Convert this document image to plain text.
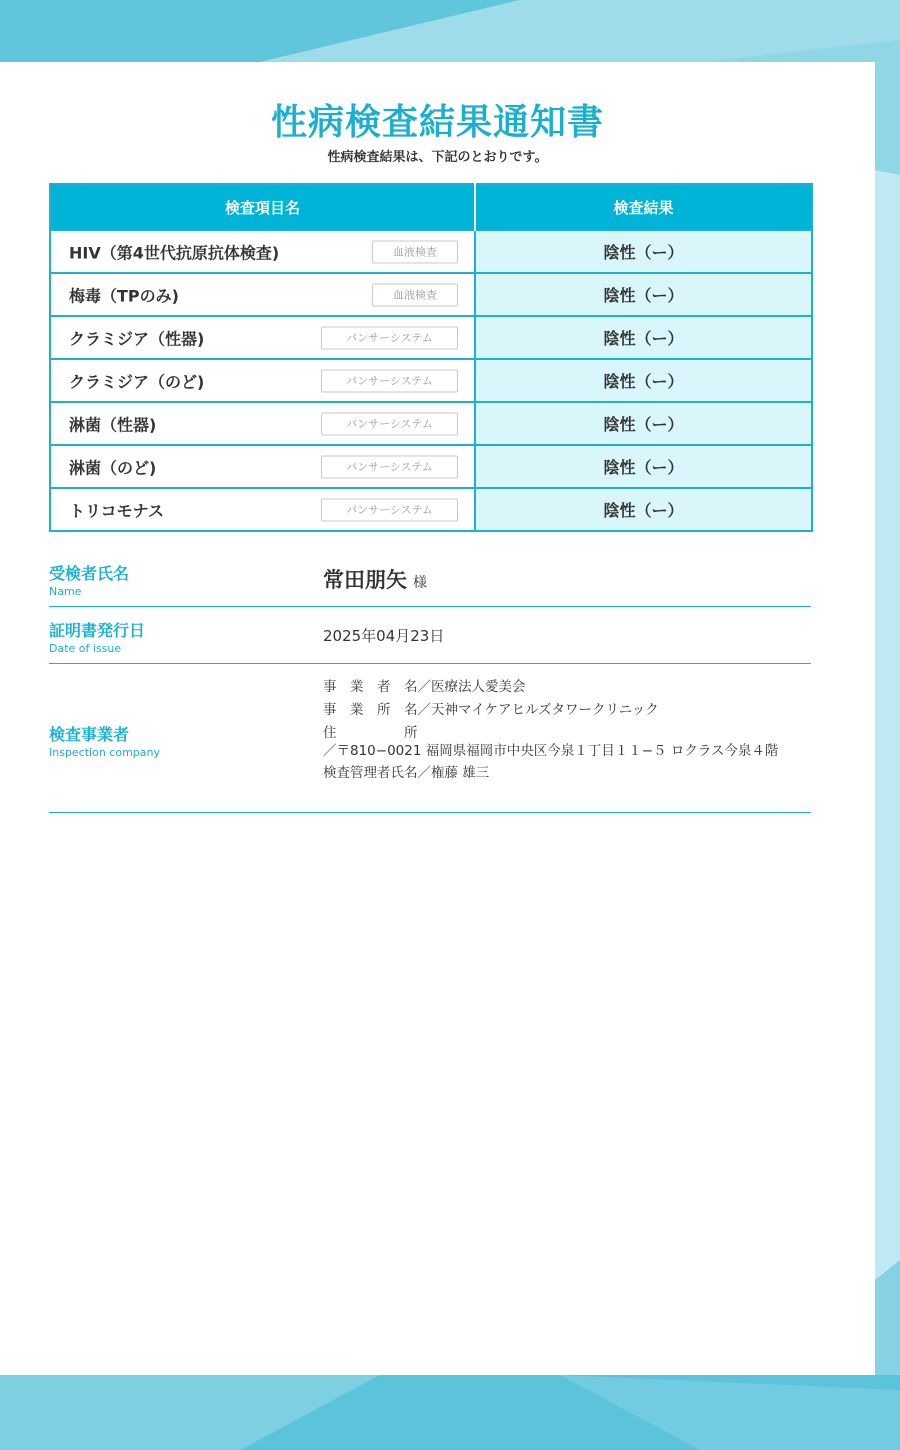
性病検査結果通知書
性病検査結果は、下記のとおりです。
検査項目名	検査結果

HIV（第4世代抗原抗体検査) 血液検査	陰性（ー）

梅毒（TPのみ) 血液検査	陰性（ー）

クラミジア（性器) パンサーシステム	陰性（ー）

クラミジア（のど) パンサーシステム	陰性（ー）

淋菌（性器) パンサーシステム	陰性（ー）

淋菌（のど) パンサーシステム	陰性（ー）

トリコモナス パンサーシステム	陰性（ー）
受検者氏名
Name	常田朋矢 様
証明書発行日
Date of issue
2025年04月23日
検査事業者
Inspection company
事　業　者　名／医療法人愛美会
事　業　所　名／天神マイケアヒルズタワークリニック
住　　　　　所
／〒810−0021 福岡県福岡市中央区今泉１丁目１１−５ ロクラス今泉４階
検査管理者氏名／権藤 雄三
